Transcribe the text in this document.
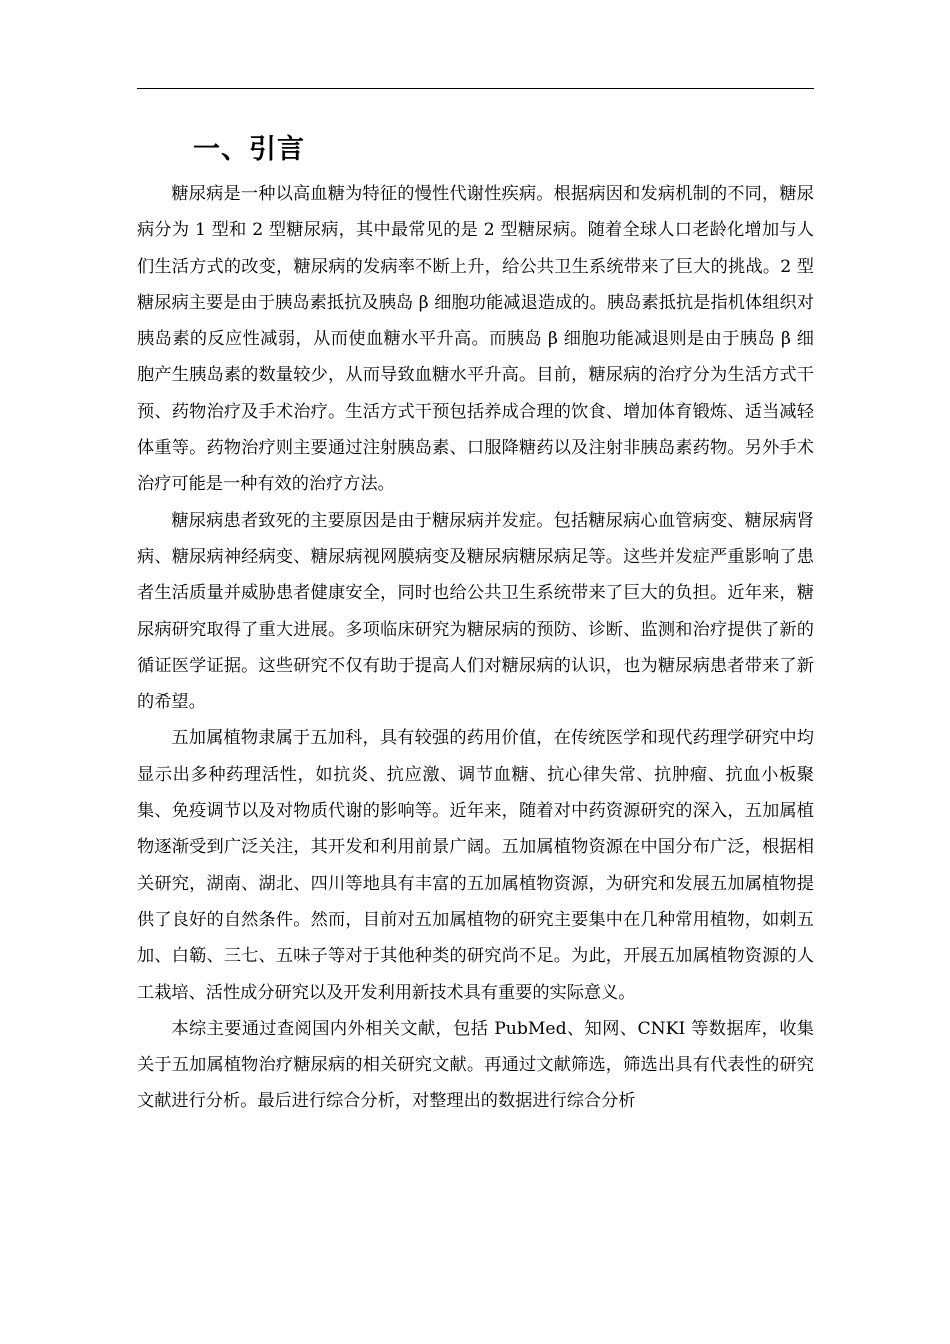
一、引言

糖尿病是一种以高血糖为特征的慢性代谢性疾病。根据病因和发病机制的不同，糖尿病分为 1 型和 2 型糖尿病，其中最常见的是 2 型糖尿病。随着全球人口老龄化增加与人们生活方式的改变，糖尿病的发病率不断上升，给公共卫生系统带来了巨大的挑战。2 型糖尿病主要是由于胰岛素抵抗及胰岛 β 细胞功能减退造成的。胰岛素抵抗是指机体组织对胰岛素的反应性减弱，从而使血糖水平升高。而胰岛 β 细胞功能减退则是由于胰岛 β 细胞产生胰岛素的数量较少，从而导致血糖水平升高。目前，糖尿病的治疗分为生活方式干预、药物治疗及手术治疗。生活方式干预包括养成合理的饮食、增加体育锻炼、适当减轻体重等。药物治疗则主要通过注射胰岛素、口服降糖药以及注射非胰岛素药物。另外手术治疗可能是一种有效的治疗方法。

糖尿病患者致死的主要原因是由于糖尿病并发症。包括糖尿病心血管病变、糖尿病肾病、糖尿病神经病变、糖尿病视网膜病变及糖尿病糖尿病足等。这些并发症严重影响了患者生活质量并威胁患者健康安全，同时也给公共卫生系统带来了巨大的负担。近年来，糖尿病研究取得了重大进展。多项临床研究为糖尿病的预防、诊断、监测和治疗提供了新的循证医学证据。这些研究不仅有助于提高人们对糖尿病的认识，也为糖尿病患者带来了新的希望。

五加属植物隶属于五加科，具有较强的药用价值，在传统医学和现代药理学研究中均显示出多种药理活性，如抗炎、抗应激、调节血糖、抗心律失常、抗肿瘤、抗血小板聚集、免疫调节以及对物质代谢的影响等。近年来，随着对中药资源研究的深入，五加属植物逐渐受到广泛关注，其开发和利用前景广阔。五加属植物资源在中国分布广泛，根据相关研究，湖南、湖北、四川等地具有丰富的五加属植物资源，为研究和发展五加属植物提供了良好的自然条件。然而，目前对五加属植物的研究主要集中在几种常用植物，如刺五加、白簕、三七、五味子等对于其他种类的研究尚不足。为此，开展五加属植物资源的人工栽培、活性成分研究以及开发利用新技术具有重要的实际意义。

本综主要通过查阅国内外相关文献，包括 PubMed、知网、CNKI 等数据库，收集关于五加属植物治疗糖尿病的相关研究文献。再通过文献筛选，筛选出具有代表性的研究文献进行分析。最后进行综合分析，对整理出的数据进行综合分析
